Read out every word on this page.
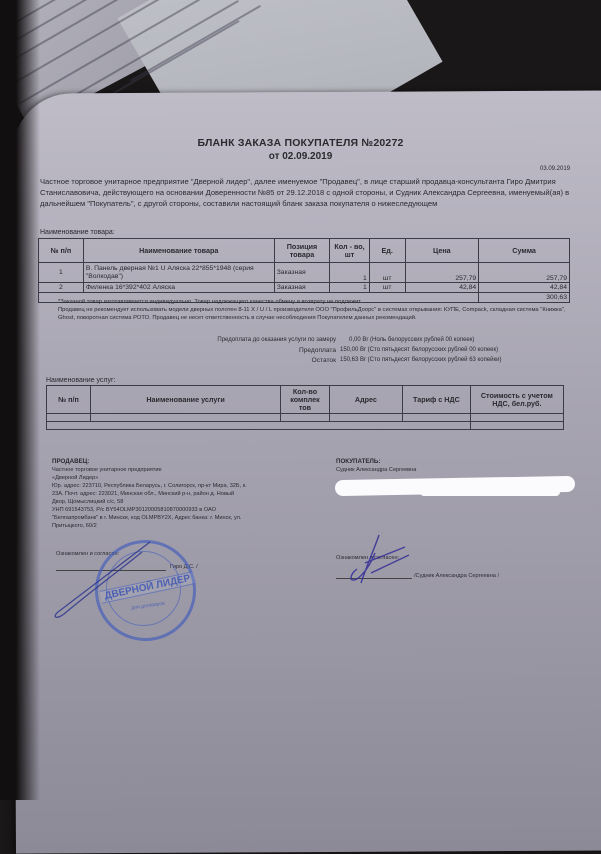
БЛАНК ЗАКАЗА ПОКУПАТЕЛЯ №20272
от 02.09.2019
03.09.2019
Частное торговое унитарное предприятие "Дверной лидер", далее именуемое "Продавец", в лице старший продавца-консультанта Гиро Дмитрия Станиславовича, действующего на основании Доверенности №85 от 29.12.2018 с одной стороны, и Судник Александра Сергеевна, именуемый(ая) в дальнейшем "Покупатель", с другой стороны, составили настоящий бланк заказа покупателя о нижеследующем
Наименование товара:
№ п/п	Наименование товара	Позиция товара	Кол - во, шт	Ед.	Цена	Сумма
1	В. Панель дверная №1 U Аляска 22*855*1948 (серия "Волкодав")	Заказная	1	шт	257,79	257,79
2	Филенка 16*392*402 Аляска	Заказная	1	шт	42,84	42,84
						300,63
*Заказной товар изготавливается индивидуально. Товар надлежащего качества обмену и возврату не подлежит
Продавец не рекомендует использовать модели дверных полотен 8-11 X / U / L производителя ООО "ПрофильДоорс" в системах открывания: КУПЕ, Compack, складная система "Книжка", Ghost, поворотная система РОТО. Продавец не несет ответственность в случае несоблюдения Покупателем данных рекомендаций.
Предоплата до оказания услуги по замеру 0,00 Br (Ноль белорусских рублей 00 копеек)
Предоплата 150,00 Br (Сто пятьдесят белорусских рублей 00 копеек)
Остаток 150,63 Br (Сто пятьдесят белорусских рублей 63 копейки)
Наименование услуг:
№ п/п	Наименование услуги	Кол-во комплек тов	Адрес	Тариф с НДС	Стоимость с учетом НДС, бел.руб.

ПРОДАВЕЦ:
Частное торговое унитарное предприятие
«Дверной Лидер»
Юр. адрес: 223710, Республика Беларусь, г. Солигорск, пр-кт Мира, 32Б, к.
23А. Почт. адрес: 223021, Минская обл., Минский р-н, район д. Новый
Двор, Щомыслицкий с/с, 58
УНП 691543753, Р/с BY54OLMP30120005810870000933 в ОАО
"Белгазпромбанк" в г. Минске, код OLMPBY2X, Адрес банка: г. Минск, ул.
Притыцкого, 60/2
ПОКУПАТЕЛЬ:
Судник Александра Сергеевна
Ознакомлен и согласен:
Гиро Д.С. /
ДВЕРНОЙ ЛИДЕР
для договоров
Ознакомлен и согласен:
/Судник Александра Сергеевна /
